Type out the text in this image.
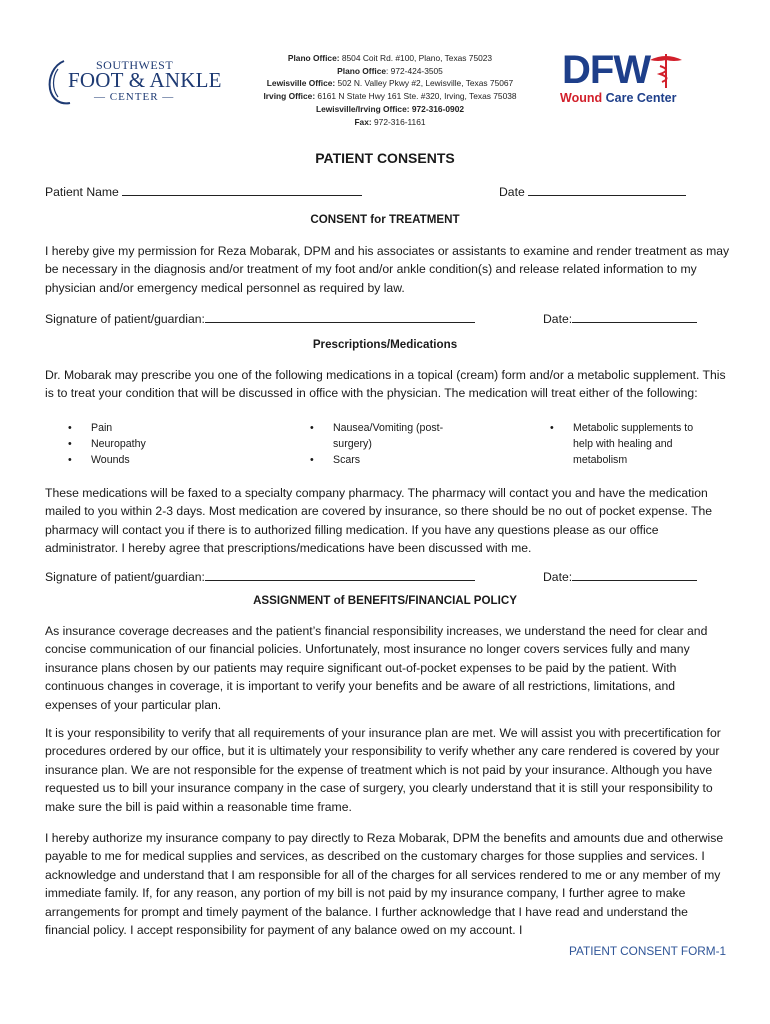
SOUTHWEST
FOOT & ANKLE
— CENTER —
Plano Office: 8504 Coit Rd. #100, Plano, Texas 75023
Plano Office: 972-424-3505
Lewisville Office: 502 N. Valley Pkwy #2, Lewisville, Texas 75067
Irving Office: 6161 N State Hwy 161 Ste. #320, Irving, Texas 75038
Lewisville/Irving Office: 972-316-0902
Fax: 972-316-1161
DFW
Wound Care Center
PATIENT CONSENTS
Patient Name	Date
CONSENT for TREATMENT
I hereby give my permission for Reza Mobarak, DPM and his associates or assistants to examine and render treatment as may be necessary in the diagnosis and/or treatment of my foot and/or ankle condition(s) and release related information to my physician and/or emergency medical personnel as required by law.
Signature of patient/guardian:	Date:
Prescriptions/Medications
Dr. Mobarak may prescribe you one of the following medications in a topical (cream) form and/or a metabolic supplement. This is to treat your condition that will be discussed in office with the physician. The medication will treat either of the following:
• Pain
• Neuropathy
• Wounds
• Nausea/Vomiting (post-surgery)
• Scars
• Metabolic supplements to help with healing and metabolism
These medications will be faxed to a specialty company pharmacy. The pharmacy will contact you and have the medication mailed to you within 2-3 days. Most medication are covered by insurance, so there should be no out of pocket expense. The pharmacy will contact you if there is to authorized filling medication. If you have any questions please as our office administrator. I hereby agree that prescriptions/medications have been discussed with me.
Signature of patient/guardian:	Date:
ASSIGNMENT of BENEFITS/FINANCIAL POLICY
As insurance coverage decreases and the patient’s financial responsibility increases, we understand the need for clear and concise communication of our financial policies. Unfortunately, most insurance no longer covers services fully and many insurance plans chosen by our patients may require significant out-of-pocket expenses to be paid by the patient. With continuous changes in coverage, it is important to verify your benefits and be aware of all restrictions, limitations, and expenses of your particular plan.
It is your responsibility to verify that all requirements of your insurance plan are met. We will assist you with precertification for procedures ordered by our office, but it is ultimately your responsibility to verify whether any care rendered is covered by your insurance plan. We are not responsible for the expense of treatment which is not paid by your insurance. Although you have requested us to bill your insurance company in the case of surgery, you clearly understand that it is still your responsibility to make sure the bill is paid within a reasonable time frame.
I hereby authorize my insurance company to pay directly to Reza Mobarak, DPM the benefits and amounts due and otherwise payable to me for medical supplies and services, as described on the customary charges for those supplies and services. I acknowledge and understand that I am responsible for all of the charges for all services rendered to me or any member of my immediate family. If, for any reason, any portion of my bill is not paid by my insurance company, I further agree to make arrangements for prompt and timely payment of the balance. I further acknowledge that I have read and understand the financial policy. I accept responsibility for payment of any balance owed on my account. I
PATIENT CONSENT FORM-1
